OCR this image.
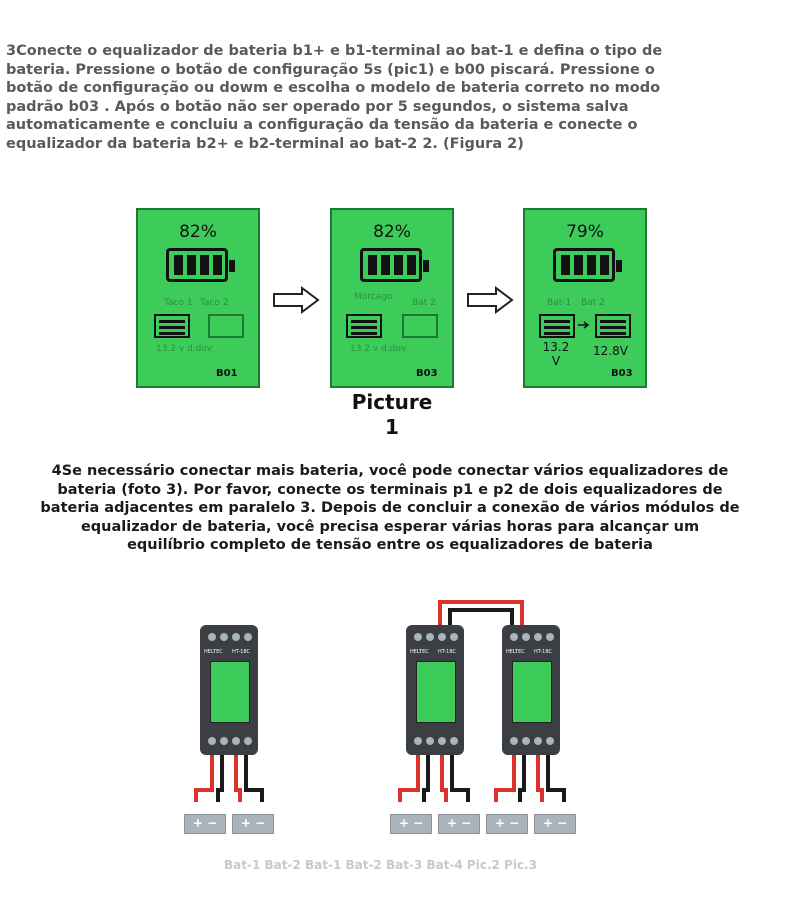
3Conecte o equalizador de bateria b1+ e b1-terminal ao bat-1 e defina o tipo de bateria. Pressione o botão de configuração 5s (pic1) e b00 piscará. Pressione o botão de configuração ou dowm e escolha o modelo de bateria correto no modo padrão b03 . Após o botão não ser operado por 5 segundos, o sistema salva automaticamente e concluiu a configuração da tensão da bateria e conecte o equalizador da bateria b2+ e b2-terminal ao bat-2 2. (Figura 2)
82%
Taco 1 Taco 2
13.2 v d.dov
B01
82%
Morcago
Bat 2
13.2 v d.dov
B03
79%
Bat-1 Bat 2
13.2 V
12.8V
B03
Picture
1
4Se necessário conectar mais bateria, você pode conectar vários equalizadores de bateria (foto 3). Por favor, conecte os terminais p1 e p2 de dois equalizadores de bateria adjacentes em paralelo 3. Depois de concluir a conexão de vários módulos de equalizador de bateria, você precisa esperar várias horas para alcançar um equilíbrio completo de tensão entre os equalizadores de bateria
HELTEC HT-18C	HELTEC HT-18C	HELTEC HT-18C
+ −	+ −	+ −	+ −	+ −	+ −
Bat-1 Bat-2 Bat-1 Bat-2 Bat-3 Bat-4 Pic.2 Pic.3
